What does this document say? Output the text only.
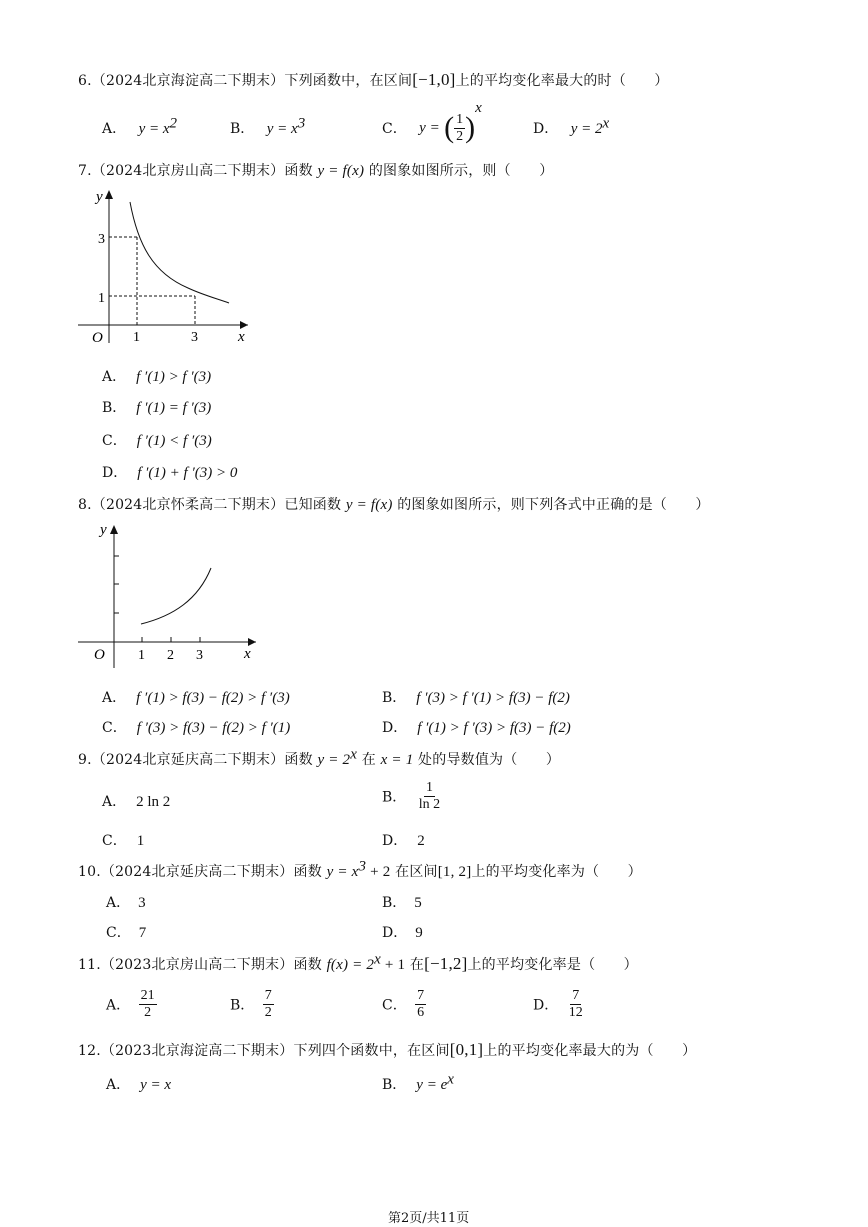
6.（2024北京海淀高二下期末）下列函数中，在区间[−1,0]上的平均变化率最大的时（　　）
A． $y = x^2$	B． $y = x^3$	C． y = ( $\frac{1}{2} )^x$
D． $y = 2^x$
7.（2024北京房山高二下期末）函数 y = f(x) 的图象如图所示，则（　　）
y
x
O
3
1
1	3
A． f ′(1) > f ′(3)
B． f ′(1) = f ′(3)
C． f ′(1) < f ′(3)
D． f ′(1) + f ′(3) > 0
8.（2024北京怀柔高二下期末）已知函数 y = f(x) 的图象如图所示，则下列各式中正确的是（　　）
y
x
O 1 2 3
A． f ′(1) > f(3) − f(2) > f ′(3)	B． f ′(3) > f ′(1) > f(3) − f(2)
C． f ′(3) > f(3) − f(2) > f ′(1)	D． f ′(1) > f ′(3) > f(3) − f(2)
9.（2024北京延庆高二下期末）函数 $y = 2^x$ 在 x = 1 处的导数值为（　　）
A． 2 ln 2	B． $\frac{1}{\ln 2}$
C． 1	D． 2
10.（2024北京延庆高二下期末）函数 $y = x^3 + 2$ 在区间[1, 2]上的平均变化率为（　　）
A． 3	B． 5
C． 7	D． 9
11.（2023北京房山高二下期末）函数 $f(x) = 2^x + 1$ 在[−1,2]上的平均变化率是（　　）
A． $\frac{21}{2}$	B． $\frac{7}{2}$	C． $\frac{7}{6}$	D． $\frac{7}{12}$
12.（2023北京海淀高二下期末）下列四个函数中，在区间[0,1]上的平均变化率最大的为（　　）
A． y = x	B． $y = e^x$
第2页/共11页
